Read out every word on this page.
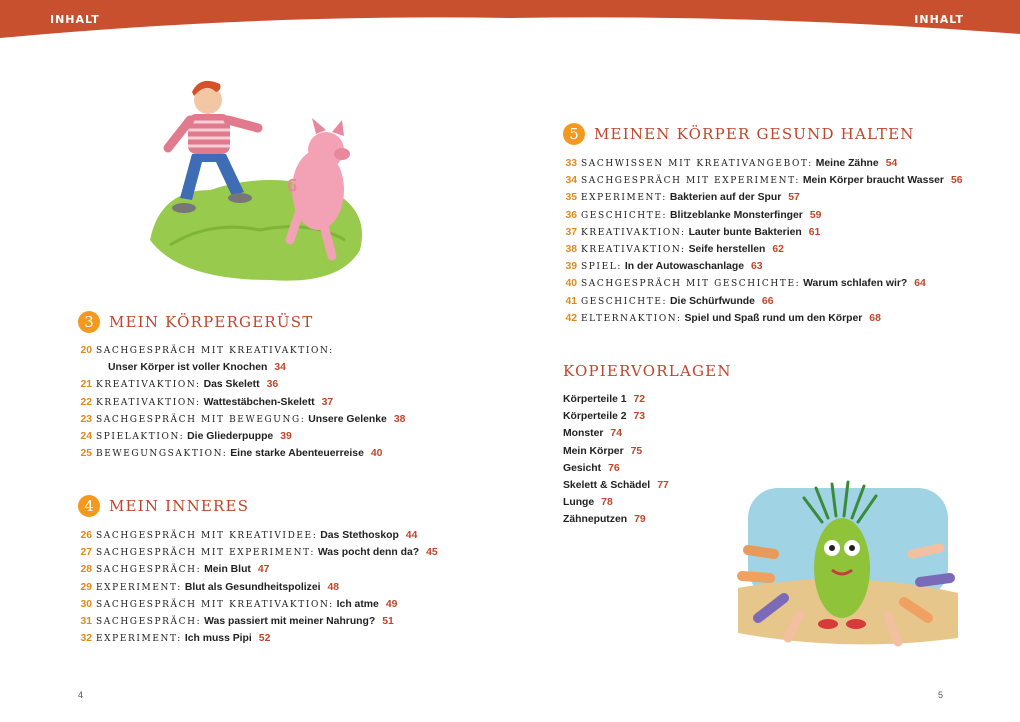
INHALT	INHALT
3	MEIN KÖRPERGERÜST
20 SACHGESPRÄCH MIT KREATIVAKTION:
Unser Körper ist voller Knochen 34
21 KREATIVAKTION: Das Skelett 36
22 KREATIVAKTION: Wattestäbchen-Skelett 37
23 SACHGESPRÄCH MIT BEWEGUNG: Unsere Gelenke 38
24 SPIELAKTION: Die Gliederpuppe 39
25 BEWEGUNGSAKTION: Eine starke Abenteuerreise 40
4	MEIN INNERES
26 SACHGESPRÄCH MIT KREATIVIDEE: Das Stethoskop 44
27 SACHGESPRÄCH MIT EXPERIMENT: Was pocht denn da? 45
28 SACHGESPRÄCH: Mein Blut 47
29 EXPERIMENT: Blut als Gesundheitspolizei 48
30 SACHGESPRÄCH MIT KREATIVAKTION: Ich atme 49
31 SACHGESPRÄCH: Was passiert mit meiner Nahrung? 51
32 EXPERIMENT: Ich muss Pipi 52
4
5	MEINEN KÖRPER GESUND HALTEN
33 SACHWISSEN MIT KREATIVANGEBOT: Meine Zähne 54
34 SACHGESPRÄCH MIT EXPERIMENT: Mein Körper braucht Wasser 56
35 EXPERIMENT: Bakterien auf der Spur 57
36 GESCHICHTE: Blitzeblanke Monsterfinger 59
37 KREATIVAKTION: Lauter bunte Bakterien 61
38 KREATIVAKTION: Seife herstellen 62
39 SPIEL: In der Autowaschanlage 63
40 SACHGESPRÄCH MIT GESCHICHTE: Warum schlafen wir? 64
41 GESCHICHTE: Die Schürfwunde 66
42 ELTERNAKTION: Spiel und Spaß rund um den Körper 68
KOPIERVORLAGEN
Körperteile 1 72
Körperteile 2 73
Monster 74
Mein Körper 75
Gesicht 76
Skelett & Schädel 77
Lunge 78
Zähneputzen 79
5
